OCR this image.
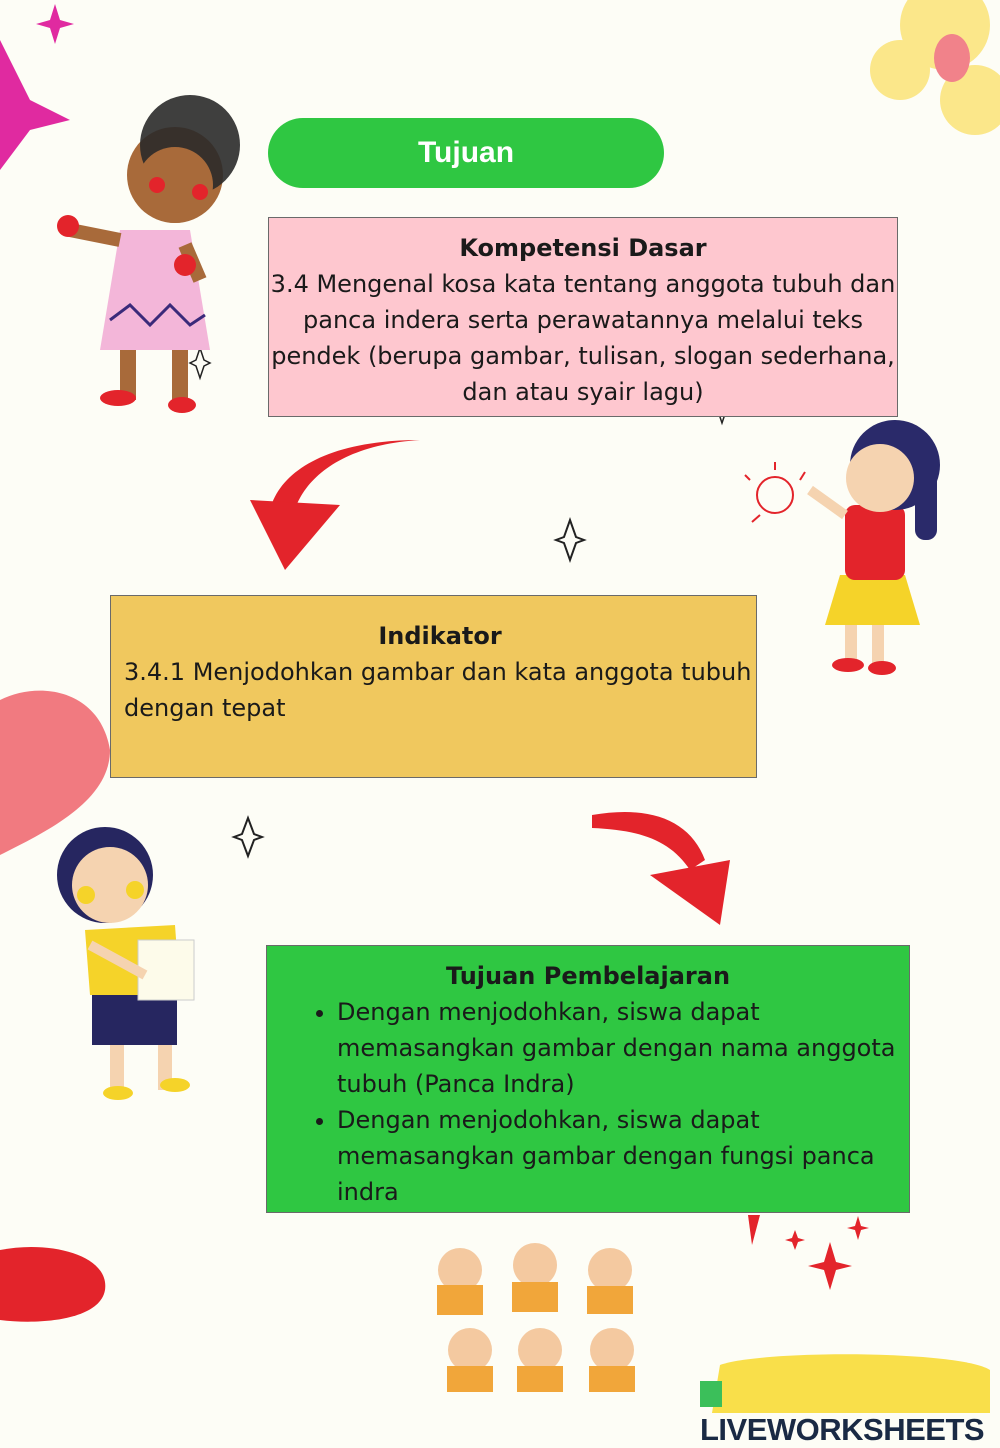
Tujuan
Kompetensi Dasar
3.4 Mengenal kosa kata tentang anggota tubuh dan
panca indera serta perawatannya melalui teks
pendek (berupa gambar, tulisan, slogan sederhana,
dan atau syair lagu)
Indikator
3.4.1 Menjodohkan gambar dan kata anggota tubuh
dengan tepat
Tujuan Pembelajaran
• Dengan menjodohkan, siswa dapat memasangkan gambar dengan nama anggota tubuh (Panca Indra)
• Dengan menjodohkan, siswa dapat memasangkan gambar dengan fungsi panca indra
LIVEWORKSHEETS
